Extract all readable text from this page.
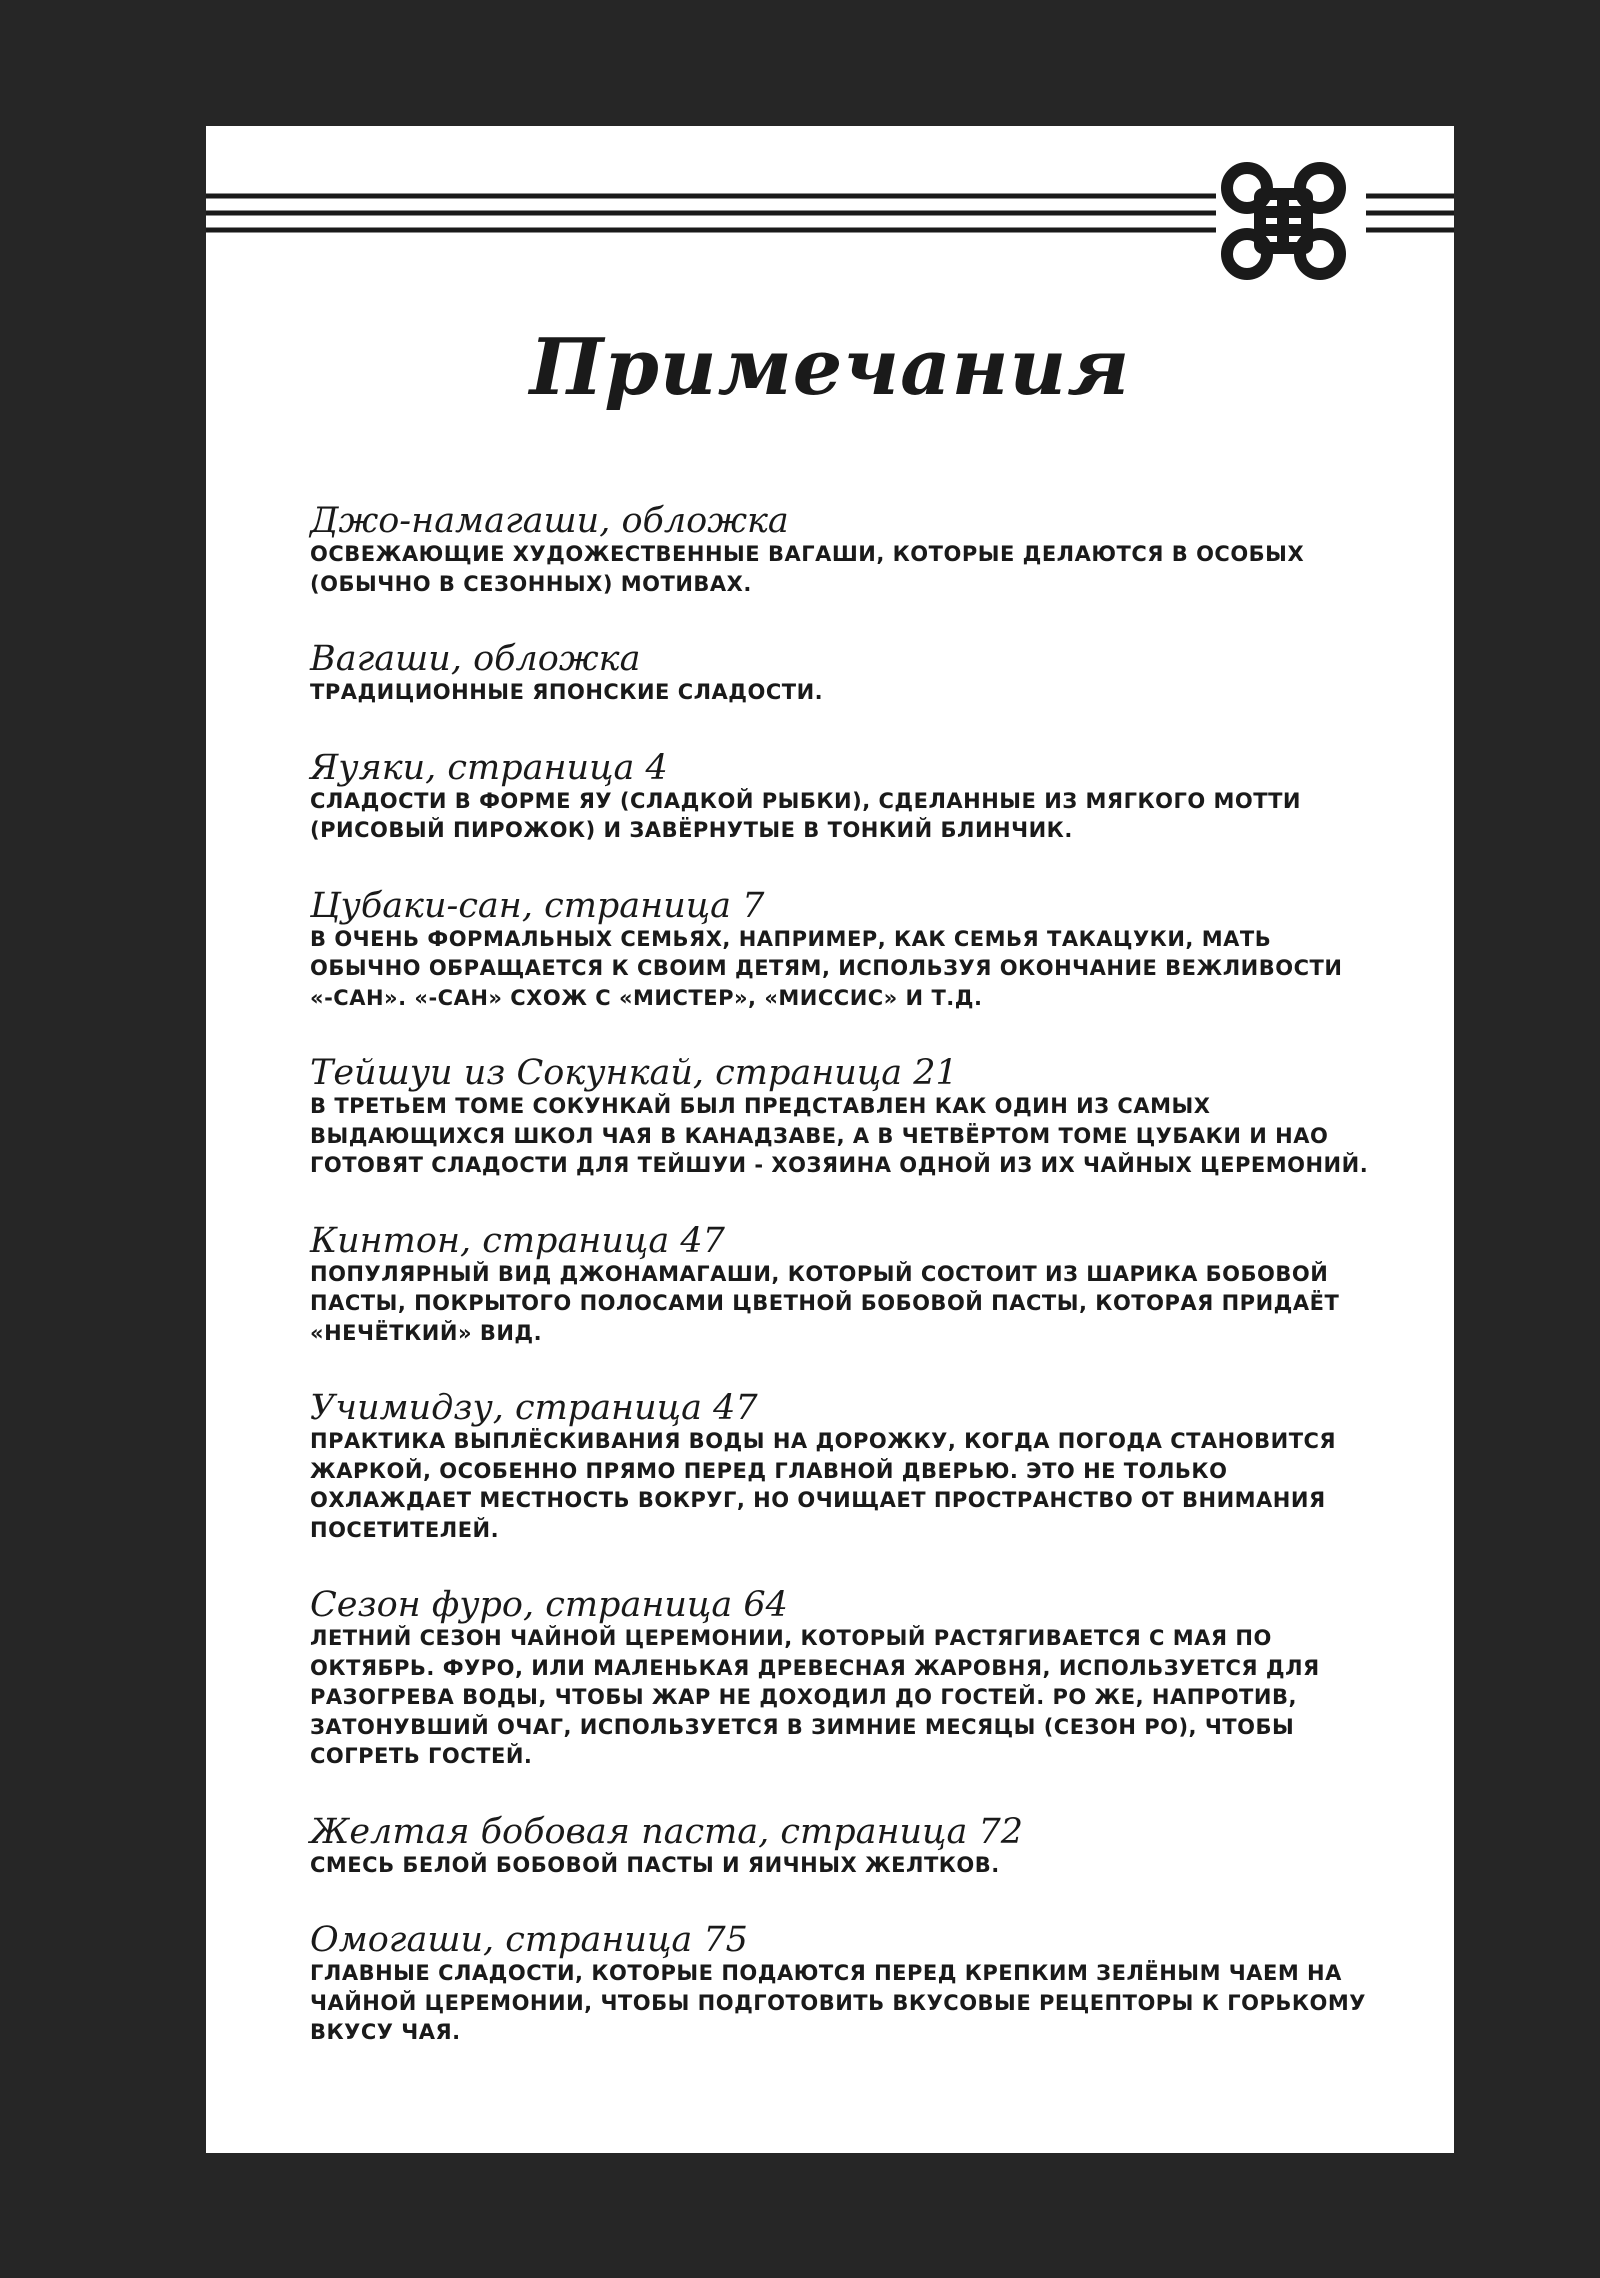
Примечания

Джо-намагаши, обложка

ОСВЕЖАЮЩИЕ ХУДОЖЕСТВЕННЫЕ ВАГАШИ, КОТОРЫЕ ДЕЛАЮТСЯ В ОСОБЫХ (ОБЫЧНО В СЕЗОННЫХ) МОТИВАХ.

Вагаши, обложка

ТРАДИЦИОННЫЕ ЯПОНСКИЕ СЛАДОСТИ.

Яуяки, страница 4

СЛАДОСТИ В ФОРМЕ ЯУ (СЛАДКОЙ РЫБКИ), СДЕЛАННЫЕ ИЗ МЯГКОГО МОТТИ (РИСОВЫЙ ПИРОЖОК) И ЗАВЁРНУТЫЕ В ТОНКИЙ БЛИНЧИК.

Цубаки-сан, страница 7

В ОЧЕНЬ ФОРМАЛЬНЫХ СЕМЬЯХ, НАПРИМЕР, КАК СЕМЬЯ ТАКАЦУКИ, МАТЬ ОБЫЧНО ОБРАЩАЕТСЯ К СВОИМ ДЕТЯМ, ИСПОЛЬЗУЯ ОКОНЧАНИЕ ВЕЖЛИВОСТИ «-САН». «-САН» СХОЖ С «МИСТЕР», «МИССИС» И Т.Д.

Тейшуи из Сокункай, страница 21

В ТРЕТЬЕМ ТОМЕ СОКУНКАЙ БЫЛ ПРЕДСТАВЛЕН КАК ОДИН ИЗ САМЫХ ВЫДАЮЩИХСЯ ШКОЛ ЧАЯ В КАНАДЗАВЕ, А В ЧЕТВЁРТОМ ТОМЕ ЦУБАКИ И НАО ГОТОВЯТ СЛАДОСТИ ДЛЯ ТЕЙШУИ - ХОЗЯИНА ОДНОЙ ИЗ ИХ ЧАЙНЫХ ЦЕРЕМОНИЙ.

Кинтон, страница 47

ПОПУЛЯРНЫЙ ВИД ДЖОНАМАГАШИ, КОТОРЫЙ СОСТОИТ ИЗ ШАРИКА БОБОВОЙ ПАСТЫ, ПОКРЫТОГО ПОЛОСАМИ ЦВЕТНОЙ БОБОВОЙ ПАСТЫ, КОТОРАЯ ПРИДАЁТ «НЕЧЁТКИЙ» ВИД.

Учимидзу, страница 47

ПРАКТИКА ВЫПЛЁСКИВАНИЯ ВОДЫ НА ДОРОЖКУ, КОГДА ПОГОДА СТАНОВИТСЯ ЖАРКОЙ, ОСОБЕННО ПРЯМО ПЕРЕД ГЛАВНОЙ ДВЕРЬЮ. ЭТО НЕ ТОЛЬКО ОХЛАЖДАЕТ МЕСТНОСТЬ ВОКРУГ, НО ОЧИЩАЕТ ПРОСТРАНСТВО ОТ ВНИМАНИЯ ПОСЕТИТЕЛЕЙ.

Сезон фуро, страница 64

ЛЕТНИЙ СЕЗОН ЧАЙНОЙ ЦЕРЕМОНИИ, КОТОРЫЙ РАСТЯГИВАЕТСЯ С МАЯ ПО ОКТЯБРЬ. ФУРО, ИЛИ МАЛЕНЬКАЯ ДРЕВЕСНАЯ ЖАРОВНЯ, ИСПОЛЬЗУЕТСЯ ДЛЯ РАЗОГРЕВА ВОДЫ, ЧТОБЫ ЖАР НЕ ДОХОДИЛ ДО ГОСТЕЙ. РО ЖЕ, НАПРОТИВ, ЗАТОНУВШИЙ ОЧАГ, ИСПОЛЬЗУЕТСЯ В ЗИМНИЕ МЕСЯЦЫ (СЕЗОН РО), ЧТОБЫ СОГРЕТЬ ГОСТЕЙ.

Желтая бобовая паста, страница 72

СМЕСЬ БЕЛОЙ БОБОВОЙ ПАСТЫ И ЯИЧНЫХ ЖЕЛТКОВ.

Омогаши, страница 75

ГЛАВНЫЕ СЛАДОСТИ, КОТОРЫЕ ПОДАЮТСЯ ПЕРЕД КРЕПКИМ ЗЕЛЁНЫМ ЧАЕМ НА ЧАЙНОЙ ЦЕРЕМОНИИ, ЧТОБЫ ПОДГОТОВИТЬ ВКУСОВЫЕ РЕЦЕПТОРЫ К ГОРЬКОМУ ВКУСУ ЧАЯ.
